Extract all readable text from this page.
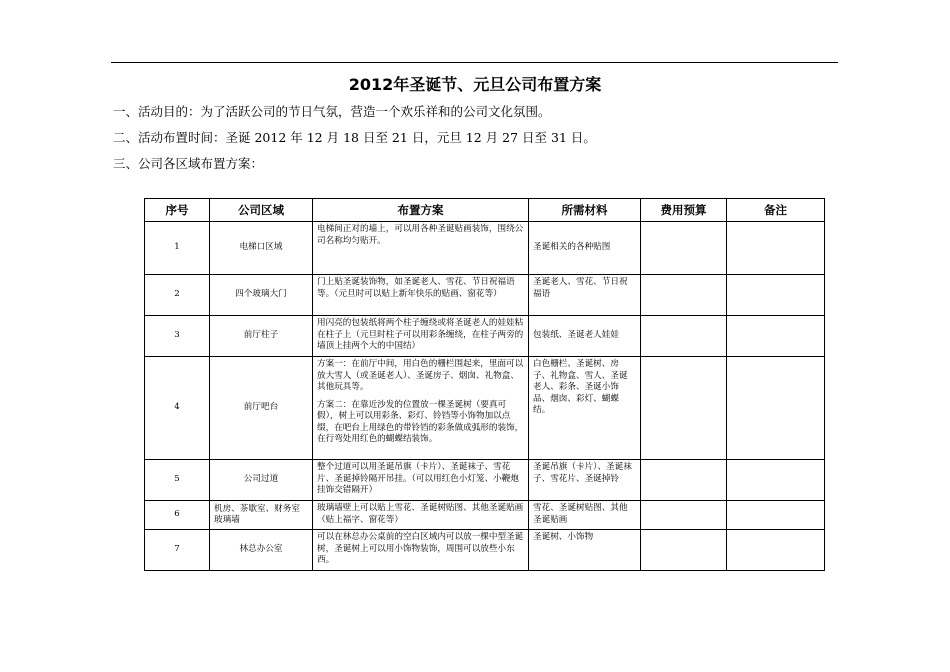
2012年圣诞节、元旦公司布置方案
一、活动目的：为了活跃公司的节日气氛，营造一个欢乐祥和的公司文化氛围。
二、活动布置时间：圣诞 2012 年 12 月 18 日至 21 日，元旦 12 月 27 日至 31 日。
三、公司各区域布置方案：
序号	公司区域	布置方案	所需材料	费用预算	备注
1	电梯口区域	电梯间正对的墙上，可以用各种圣诞贴画装饰，围绕公司名称均匀贴开。	圣诞相关的各种贴图		
2	四个玻璃大门	门上贴圣诞装饰物，如圣诞老人、雪花、节日祝福语等。（元旦时可以贴上新年快乐的贴画、窗花等）	圣诞老人、雪花、节日祝福语		
3	前厅柱子	用闪亮的包装纸将两个柱子缠绕或将圣诞老人的娃娃粘在柱子上（元旦时柱子可以用彩条缠绕，在柱子两旁的墙顶上挂两个大的中国结）	包装纸、圣诞老人娃娃		
4	前厅吧台	方案一：在前厅中间，用白色的栅栏围起来，里面可以放大雪人（或圣诞老人）、圣诞房子、烟囱、礼物盒、其他玩具等。
方案二：在靠近沙发的位置放一棵圣诞树（要真可假），树上可以用彩条、彩灯、铃铛等小饰物加以点缀，在吧台上用绿色的带铃铛的彩条做成弧形的装饰，在行弯处用红色的蝴蝶结装饰。	白色栅栏、圣诞树、房子、礼物盒、雪人、圣诞老人、彩条、圣诞小饰品、烟囱、彩灯、蝴蝶结。		
5	公司过道	整个过道可以用圣诞吊旗（卡片）、圣诞袜子、雪花片、圣诞掉铃隔开吊挂。（可以用红色小灯笼、小鞭炮挂饰交错隔开）	圣诞吊旗（卡片）、圣诞袜子、雪花片、圣诞掉铃		
6	机房、茶歇室、财务室玻璃墙	玻璃墙壁上可以贴上雪花、圣诞树贴图、其他圣诞贴画（贴上福字、窗花等）	雪花、圣诞树贴图、其他圣诞贴画		
7	林总办公室	可以在林总办公桌前的空白区域内可以放一棵中型圣诞树，圣诞树上可以用小饰物装饰，周围可以放些小东西。	圣诞树、小饰物		
